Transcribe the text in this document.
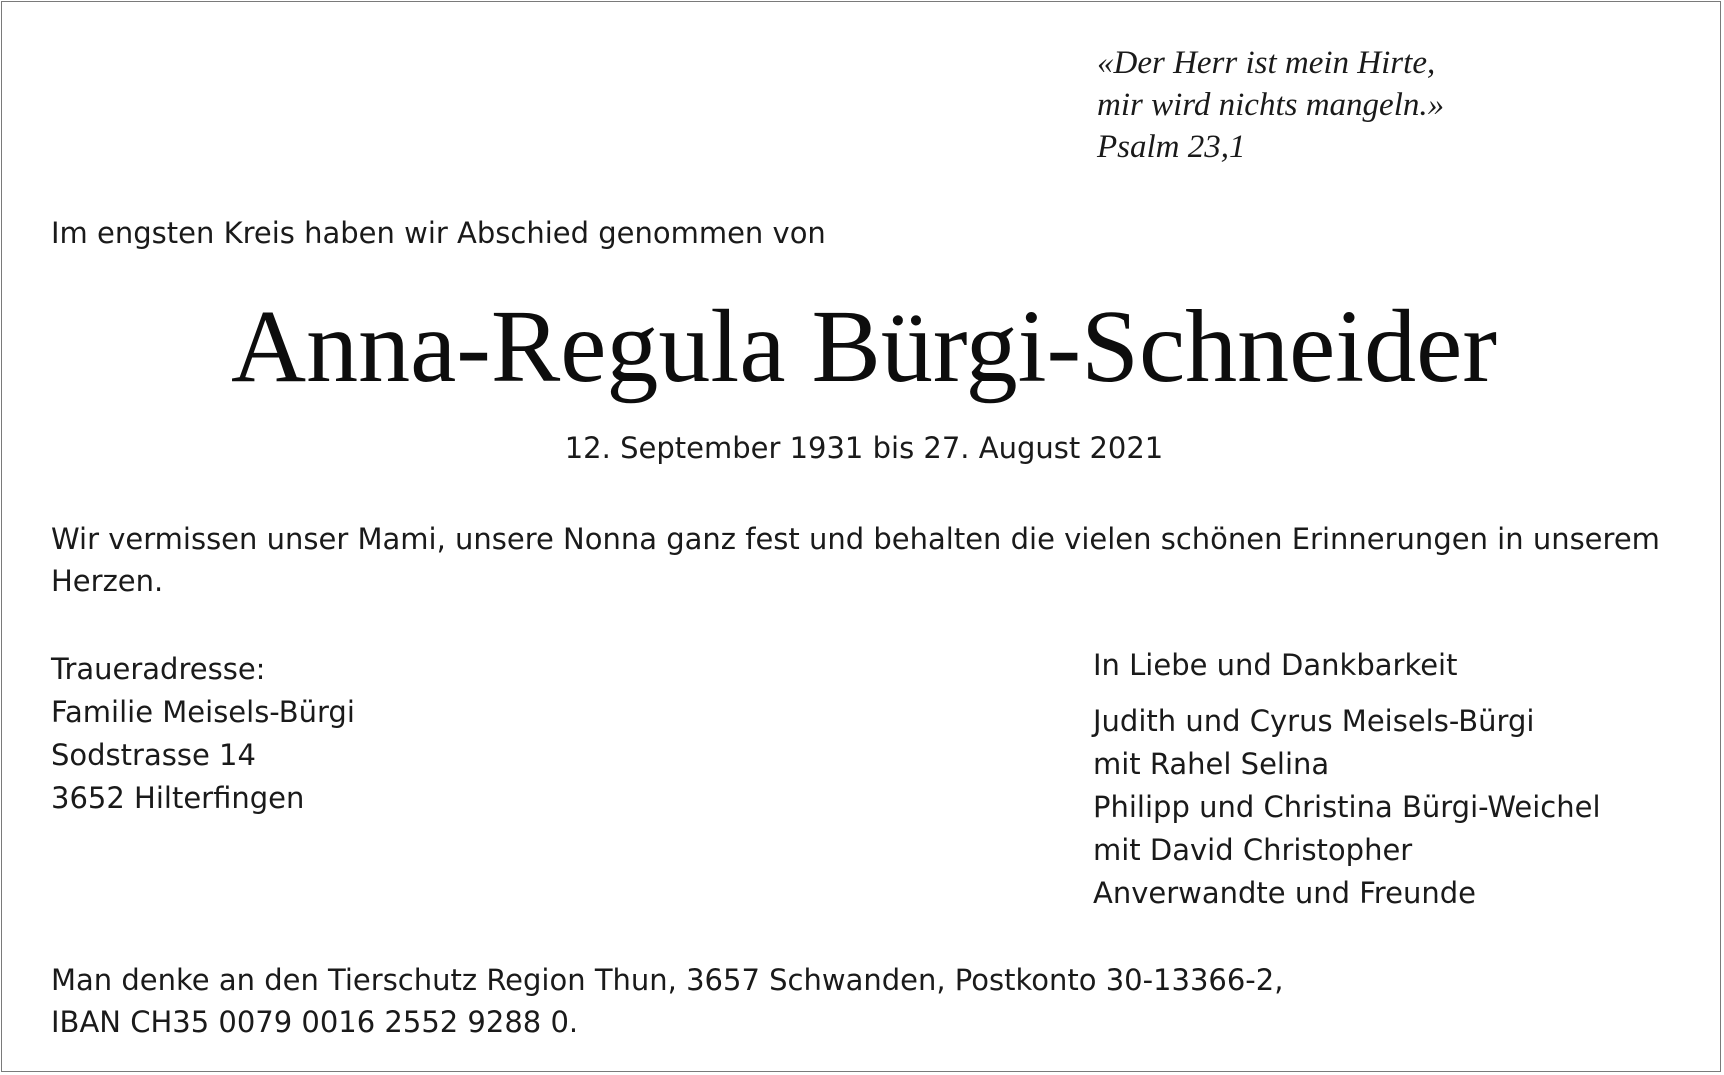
«Der Herr ist mein Hirte,
mir wird nichts mangeln.»
Psalm 23,1
Im engsten Kreis haben wir Abschied genommen von
Anna-Regula Bürgi-Schneider
12. September 1931 bis 27. August 2021
Wir vermissen unser Mami, unsere Nonna ganz fest und behalten die vielen schönen Erinnerungen in unserem Herzen.
Traueradresse:
Familie Meisels-Bürgi
Sodstrasse 14
3652 Hilterfingen
In Liebe und Dankbarkeit
Judith und Cyrus Meisels-Bürgi
mit Rahel Selina
Philipp und Christina Bürgi-Weichel
mit David Christopher
Anverwandte und Freunde
Man denke an den Tierschutz Region Thun, 3657 Schwanden, Postkonto 30-13366-2,
IBAN CH35 0079 0016 2552 9288 0.
